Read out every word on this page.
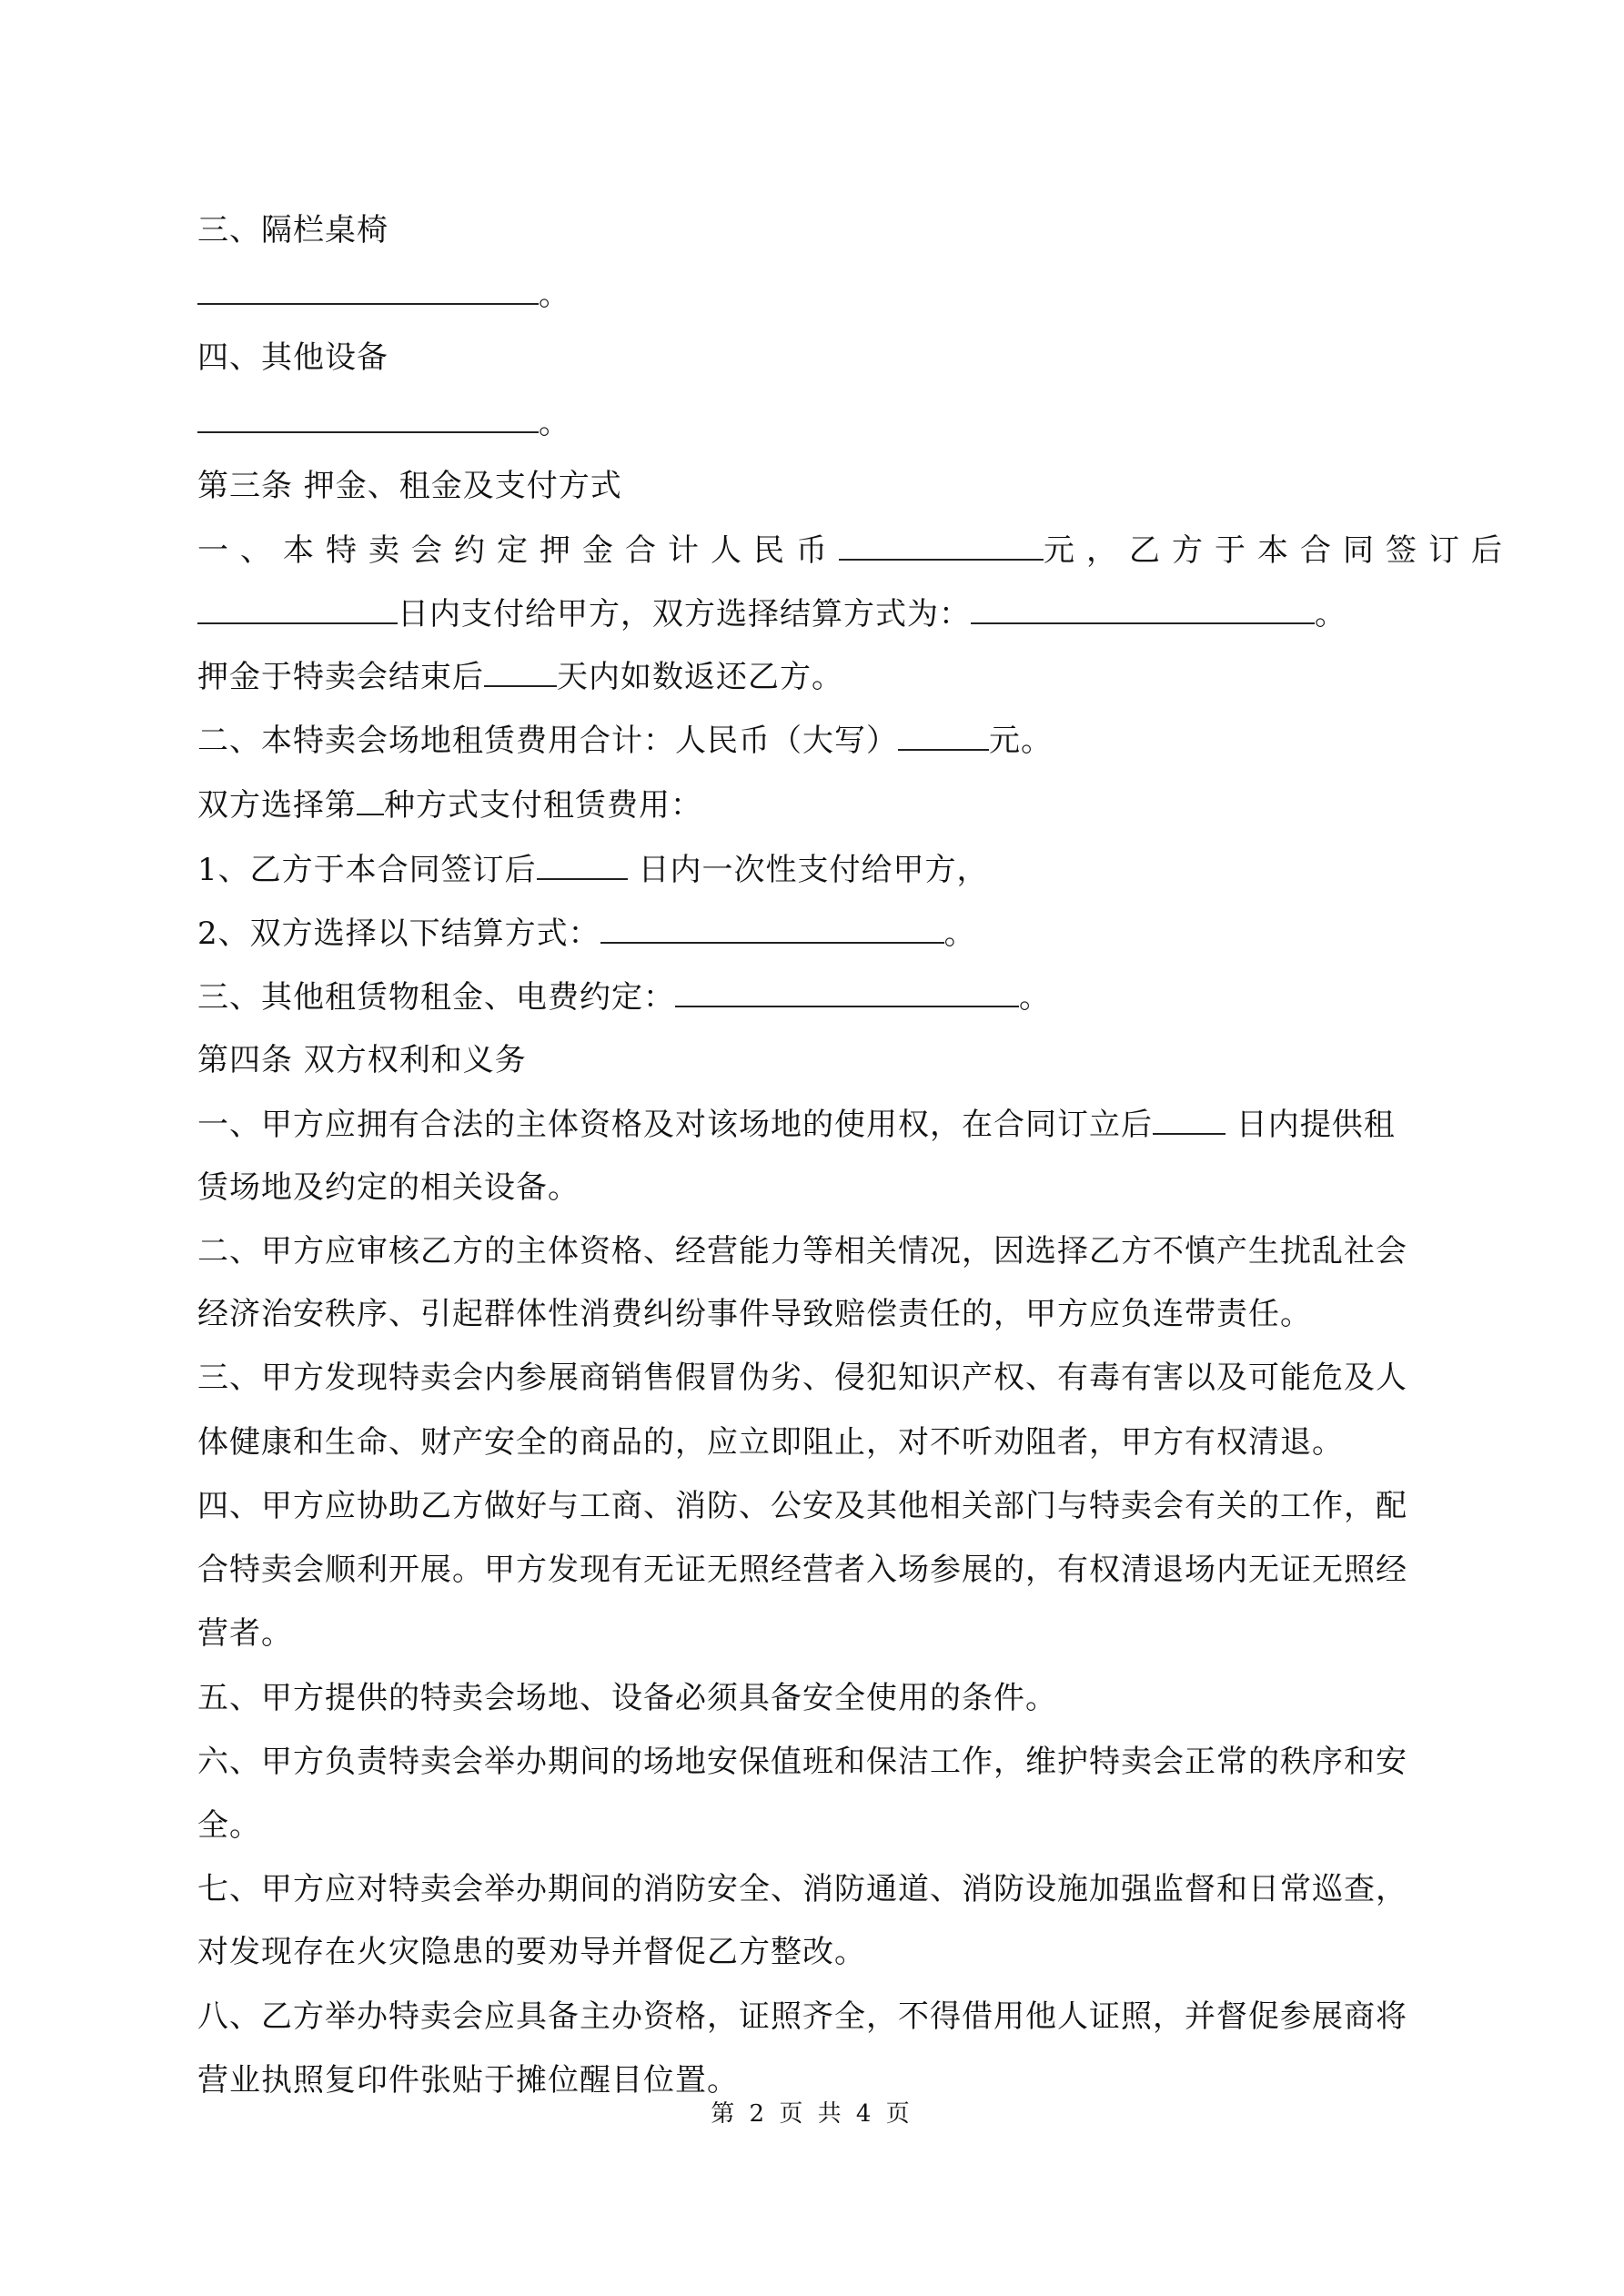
三、隔栏桌椅
。
四、其他设备
。
第三条 押金、租金及支付方式
一、本特卖会约定押金合计人民币	元，乙方于本合同签订后
日内支付给甲方，双方选择结算方式为：	。
押金于特卖会结束后 天内如数返还乙方。
二、本特卖会场地租赁费用合计：人民币（大写）	元。
双方选择第 种方式支付租赁费用：
1、乙方于本合同签订后	日内一次性支付给甲方，
2、双方选择以下结算方式：	。
三、其他租赁物租金、电费约定：	。
第四条 双方权利和义务
一、甲方应拥有合法的主体资格及对该场地的使用权，在合同订立后 日内提供租
赁场地及约定的相关设备。
二、甲方应审核乙方的主体资格、经营能力等相关情况，因选择乙方不慎产生扰乱社会
经济治安秩序、引起群体性消费纠纷事件导致赔偿责任的，甲方应负连带责任。
三、甲方发现特卖会内参展商销售假冒伪劣、侵犯知识产权、有毒有害以及可能危及人
体健康和生命、财产安全的商品的，应立即阻止，对不听劝阻者，甲方有权清退。
四、甲方应协助乙方做好与工商、消防、公安及其他相关部门与特卖会有关的工作，配
合特卖会顺利开展。甲方发现有无证无照经营者入场参展的，有权清退场内无证无照经
营者。
五、甲方提供的特卖会场地、设备必须具备安全使用的条件。
六、甲方负责特卖会举办期间的场地安保值班和保洁工作，维护特卖会正常的秩序和安
全。
七、甲方应对特卖会举办期间的消防安全、消防通道、消防设施加强监督和日常巡查，
对发现存在火灾隐患的要劝导并督促乙方整改。
八、乙方举办特卖会应具备主办资格，证照齐全，不得借用他人证照，并督促参展商将
营业执照复印件张贴于摊位醒目位置。
第 2 页 共 4 页
